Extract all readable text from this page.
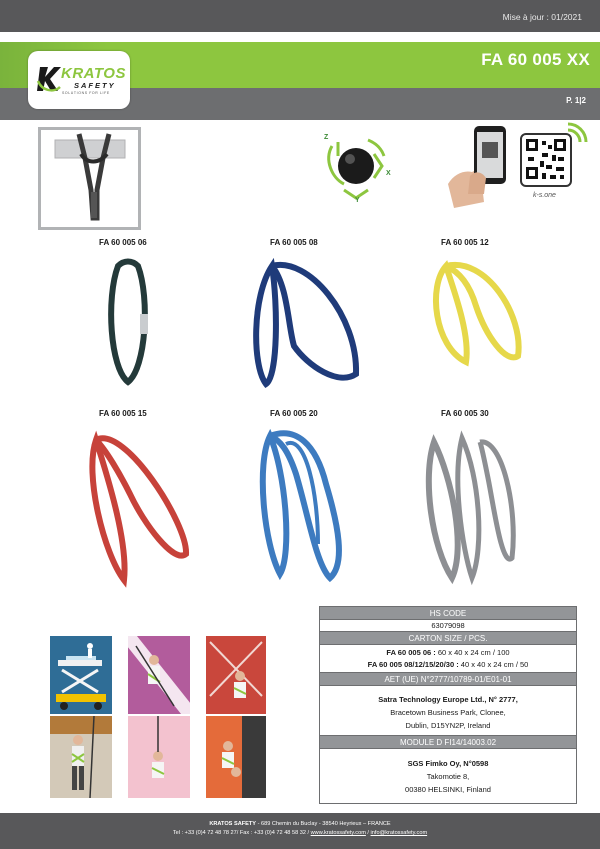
Mise à jour : 01/2021
FA 60 005 XX
P. 1|2
KRATOS
SAFETY
SOLUTIONS FOR LIFE
Z
X
Y
k-s.one
FA 60 005 06	FA 60 005 08	FA 60 005 12
FA 60 005 15	FA 60 005 20	FA 60 005 30
HS CODE
63079098
CARTON SIZE / PCS.
FA 60 005 06 : 60 x 40 x 24 cm / 100
FA 60 005 08/12/15/20/30 : 40 x 40 x 24 cm / 50
AET (UE) N°2777/10789-01/E01-01
Satra Technology Europe Ltd., N° 2777,
Bracetown Business Park, Clonee,
Dublin, D15YN2P, Ireland
MODULE D FI14/14003.02
SGS Fimko Oy, N°0598
Takomotie 8,
00380 HELSINKI, Finland
KRATOS SAFETY - 689 Chemin du Buclay - 38540 Heyrieux – FRANCE
Tel : +33 (0)4 72 48 78 27/ Fax : +33 (0)4 72 48 58 32 / www.kratossafety.com / info@kratossafety.com
